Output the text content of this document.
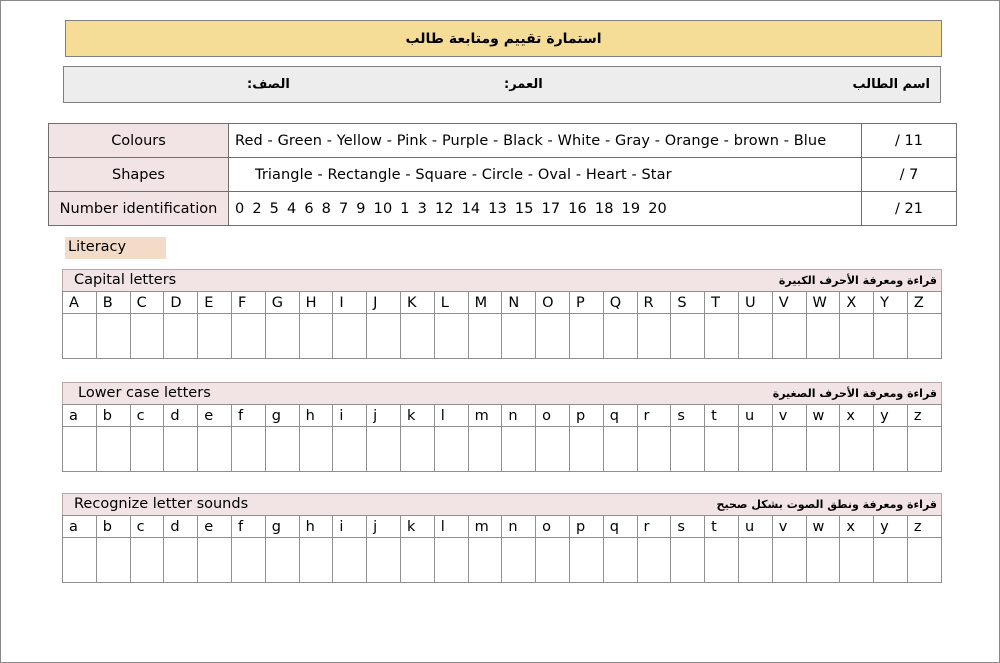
استمارة تقييم ومتابعة طالب
اسم الطالب
العمر:
الصف:
Colours	Red - Green - Yellow - Pink - Purple - Black - White - Gray - Orange - brown - Blue	/ 11
Shapes	Triangle - Rectangle - Square - Circle - Oval - Heart - Star	/ 7
Number identification	0 2 5 4 6 8 7 9 10 1 3 12 14 13 15 17 16 18 19 20	/ 21
Literacy
Capital letters	قراءة ومعرفة الأحرف الكبيرة
A	B	C	D	E	F	G	H	I	J	K	L	M	N	O	P	Q	R	S	T	U	V	W	X	Y	Z

Lower case letters	قراءة ومعرفة الأحرف الصغيرة
a	b	c	d	e	f	g	h	i	j	k	l	m	n	o	p	q	r	s	t	u	v	w	x	y	z

Recognize letter sounds	قراءة ومعرفة ونطق الصوت بشكل صحيح
a	b	c	d	e	f	g	h	i	j	k	l	m	n	o	p	q	r	s	t	u	v	w	x	y	z
